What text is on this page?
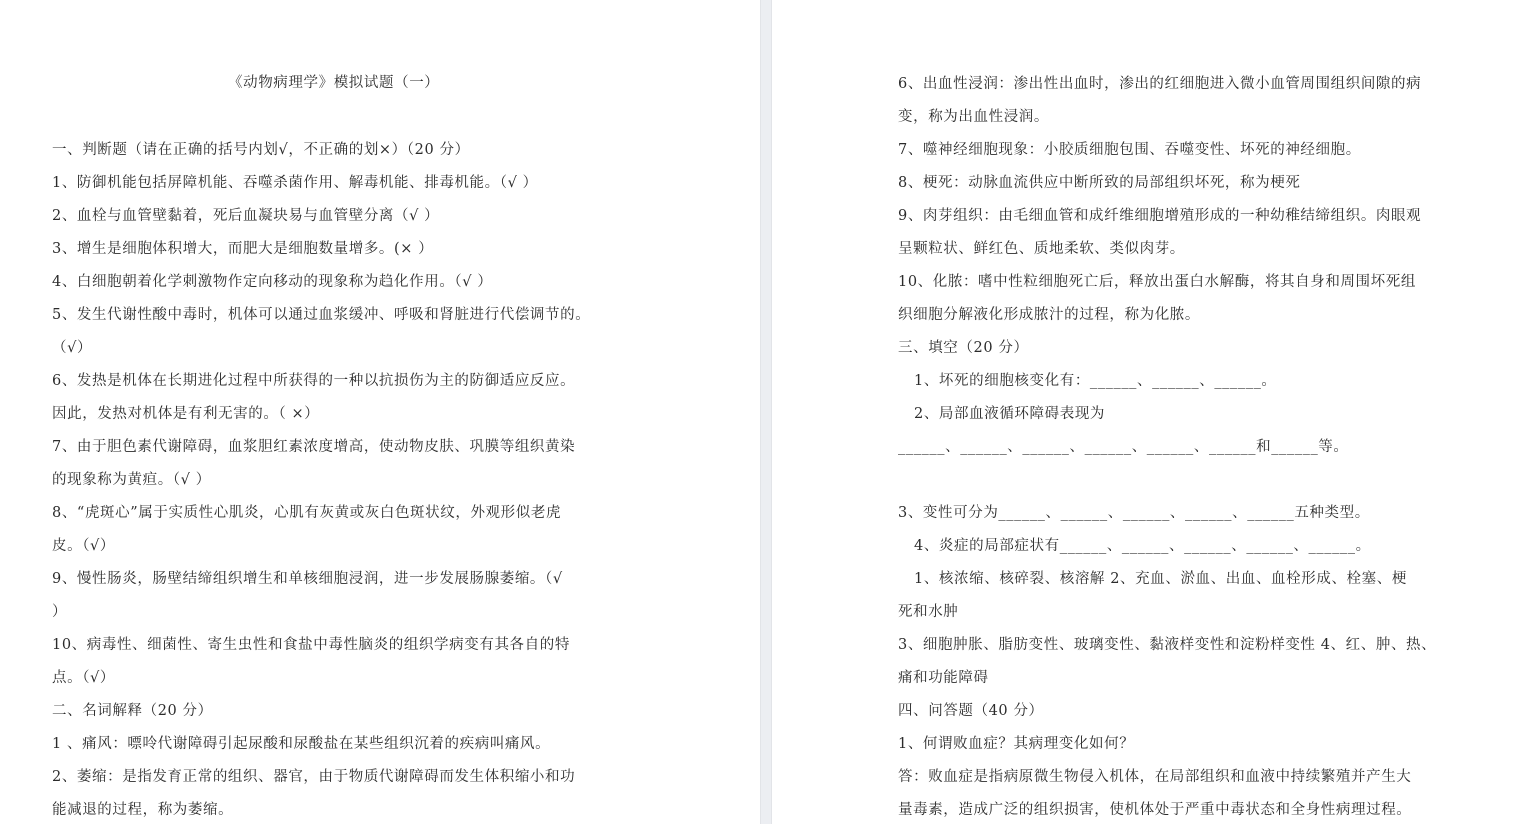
《动物病理学》模拟试题（一）
一、判断题（请在正确的括号内划√，不正确的划×）（20 分）
1、防御机能包括屏障机能、吞噬杀菌作用、解毒机能、排毒机能。（√ ）
2、血栓与血管壁黏着，死后血凝块易与血管壁分离（√ ）
3、增生是细胞体积增大，而肥大是细胞数量增多。(× ）
4、白细胞朝着化学刺激物作定向移动的现象称为趋化作用。（√ ）
5、发生代谢性酸中毒时，机体可以通过血浆缓冲、呼吸和肾脏进行代偿调节的。
（√）
6、发热是机体在长期进化过程中所获得的一种以抗损伤为主的防御适应反应。
因此，发热对机体是有利无害的。（ ×）
7、由于胆色素代谢障碍，血浆胆红素浓度增高，使动物皮肤、巩膜等组织黄染
的现象称为黄疸。（√ ）
8、“虎斑心”属于实质性心肌炎，心肌有灰黄或灰白色斑状纹，外观形似老虎
皮。（√）
9、慢性肠炎，肠壁结缔组织增生和单核细胞浸润，进一步发展肠腺萎缩。（√
）
10、病毒性、细菌性、寄生虫性和食盐中毒性脑炎的组织学病变有其各自的特
点。（√）
二、名词解释（20 分）
1 、痛风：嘌呤代谢障碍引起尿酸和尿酸盐在某些组织沉着的疾病叫痛风。
2、萎缩：是指发育正常的组织、器官，由于物质代谢障碍而发生体积缩小和功
能减退的过程，称为萎缩。
6、出血性浸润：渗出性出血时，渗出的红细胞进入微小血管周围组织间隙的病
变，称为出血性浸润。
7、噬神经细胞现象：小胶质细胞包围、吞噬变性、坏死的神经细胞。
8、梗死：动脉血流供应中断所致的局部组织坏死，称为梗死
9、肉芽组织：由毛细血管和成纤维细胞增殖形成的一种幼稚结缔组织。肉眼观
呈颗粒状、鲜红色、质地柔软、类似肉芽。
10、化脓：嗜中性粒细胞死亡后，释放出蛋白水解酶，将其自身和周围坏死组
织细胞分解液化形成脓汁的过程，称为化脓。
三、填空（20 分）
1、坏死的细胞核变化有：______、______、______。
2、局部血液循环障碍表现为
______、______、______、______、______、______和______等。
3、变性可分为______、______、______、______、______五种类型。
4、炎症的局部症状有______、______、______、______、______。
1、核浓缩、核碎裂、核溶解 2、充血、淤血、出血、血栓形成、栓塞、梗
死和水肿
3、细胞肿胀、脂肪变性、玻璃变性、黏液样变性和淀粉样变性 4、红、肿、热、
痛和功能障碍
四、问答题（40 分）
1、何谓败血症？其病理变化如何？
答：败血症是指病原微生物侵入机体，在局部组织和血液中持续繁殖并产生大
量毒素，造成广泛的组织损害，使机体处于严重中毒状态和全身性病理过程。
